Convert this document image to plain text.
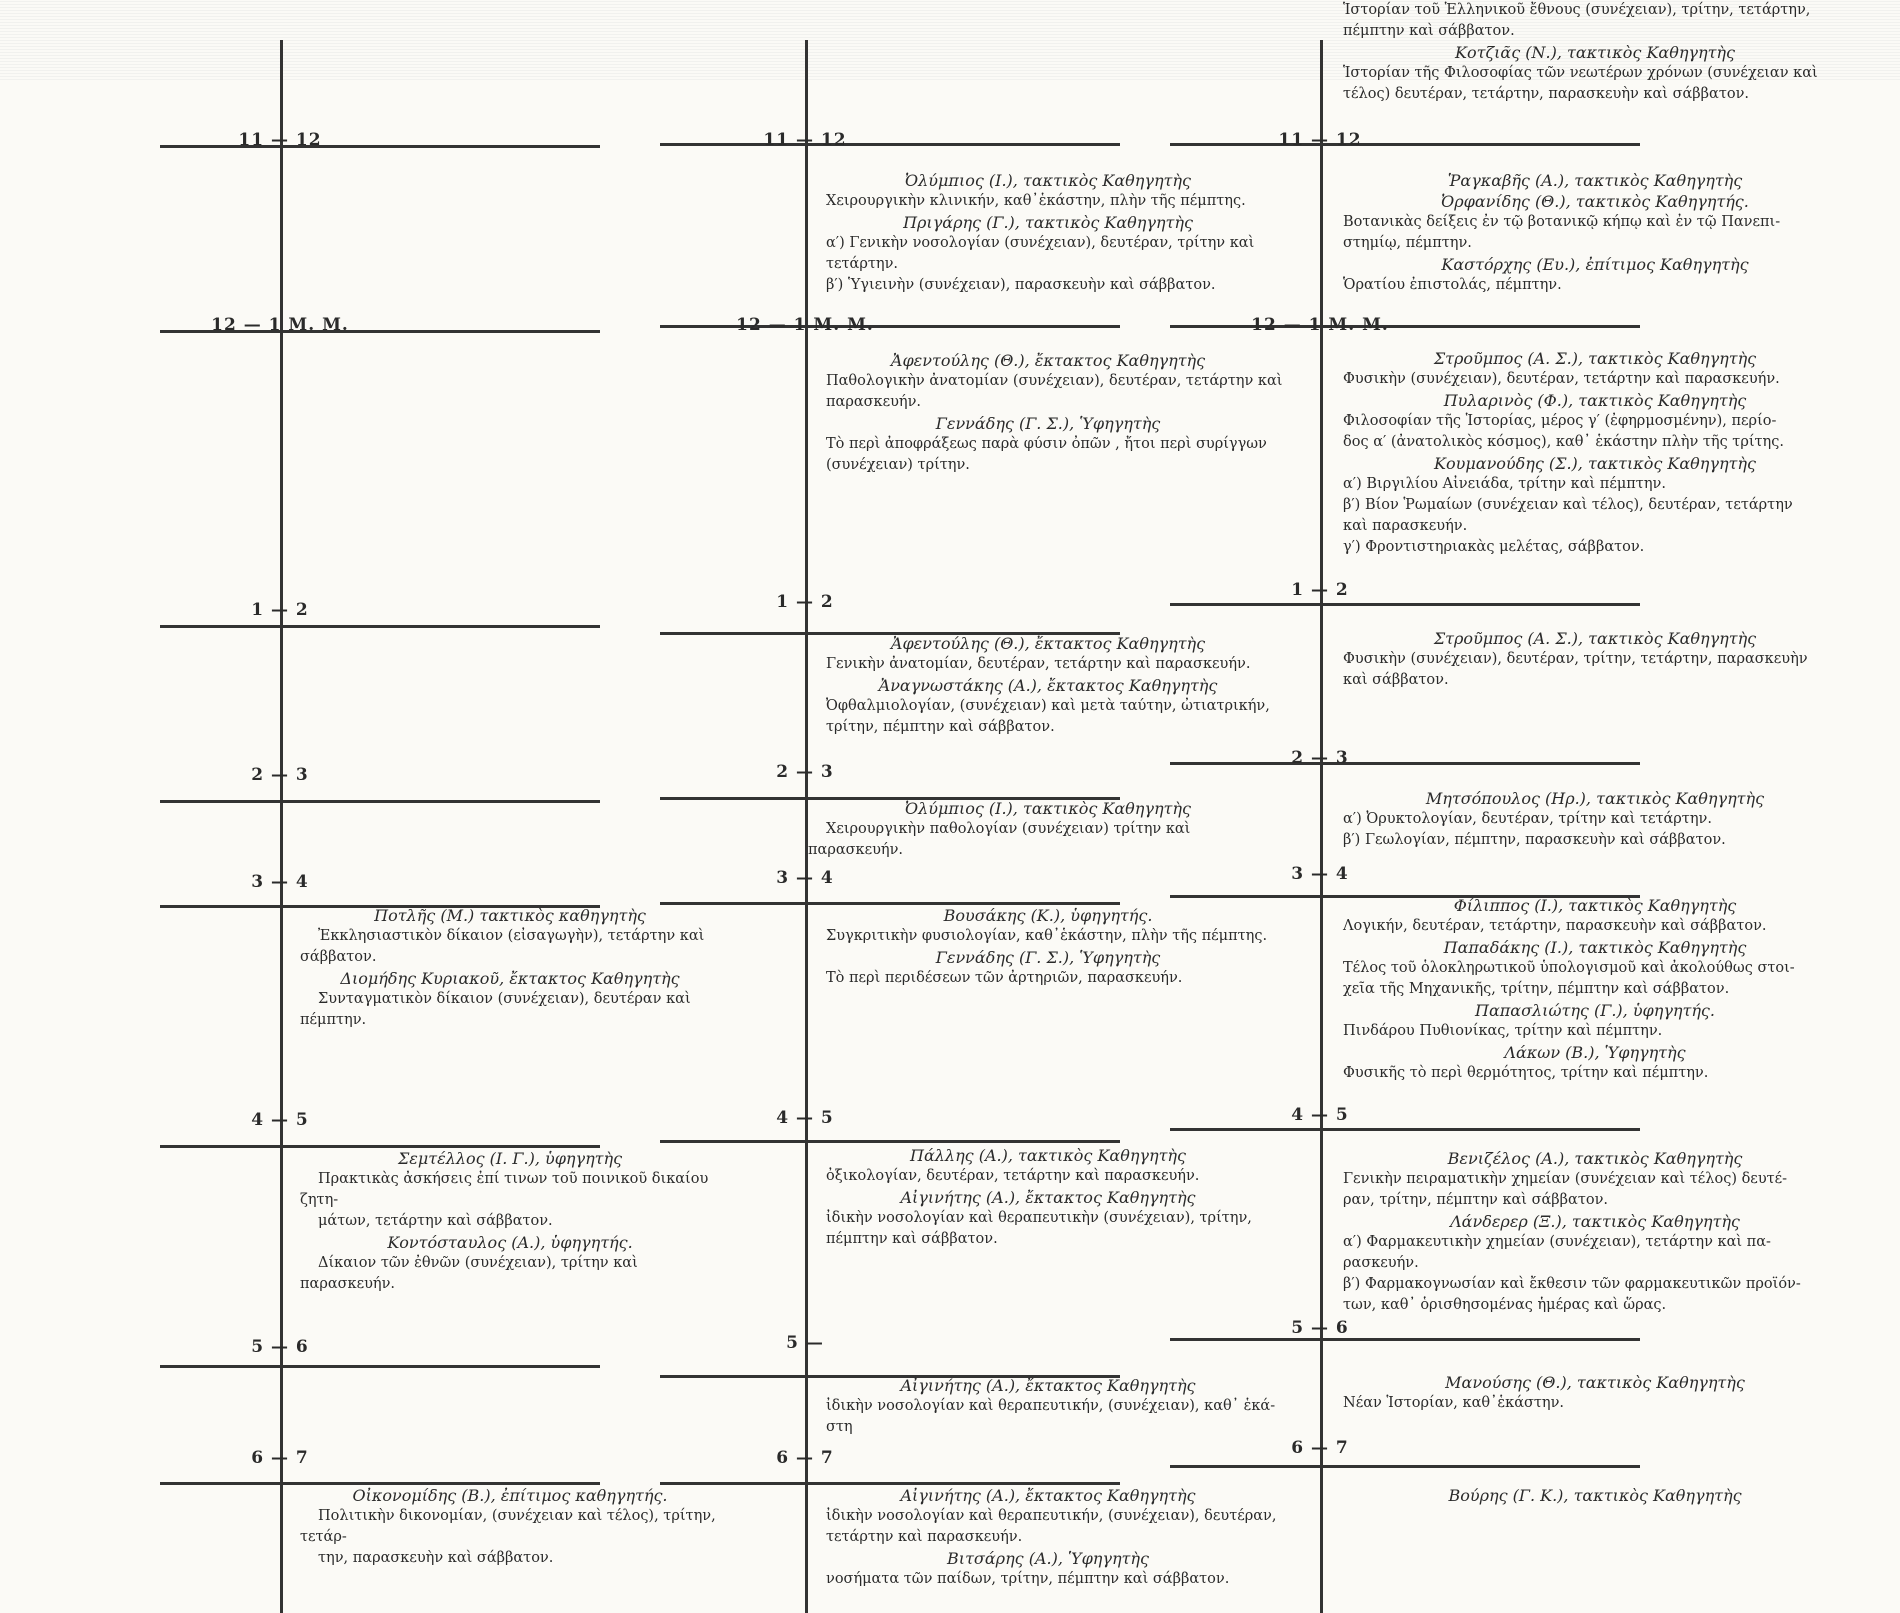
11 — 12
12 — 1 Μ. Μ.
1 — 2
2 — 3
3 — 4
Ποτλῆς (Μ.) τακτικὸς καθηγητὴς
Ἐκκλησιαστικὸν δίκαιον (εἰσαγωγὴν), τετάρτην καὶ σάββατον.
Διομήδης Κυριακοῦ, ἔκτακτος Καθηγητὴς
Συνταγματικὸν δίκαιον (συνέχειαν), δευτέραν καὶ πέμπτην.
4 — 5
Σεμτέλλος (Ι. Γ.), ὑφηγητὴς
Πρακτικὰς ἀσκήσεις ἐπί τινων τοῦ ποινικοῦ δικαίου ζητη-
μάτων, τετάρτην καὶ σάββατον.
Κοντόσταυλος (Α.), ὑφηγητής.
Δίκαιον τῶν ἐθνῶν (συνέχειαν), τρίτην καὶ παρασκευήν.
5 — 6
6 — 7
Οἰκονομίδης (Β.), ἐπίτιμος καθηγητής.
Πολιτικὴν δικονομίαν, (συνέχειαν καὶ τέλος), τρίτην, τετάρ-
την, παρασκευὴν καὶ σάββατον.
11 — 12
Ὀλύμπιος (Ι.), τακτικὸς Καθηγητὴς
Χειρουργικὴν κλινικήν, καθ᾽ἑκάστην, πλὴν τῆς πέμπτης.
Πριγάρης (Γ.), τακτικὸς Καθηγητὴς
α′) Γενικὴν νοσολογίαν (συνέχειαν), δευτέραν, τρίτην καὶ
τετάρτην.
β′) Ὑγιεινὴν (συνέχειαν), παρασκευὴν καὶ σάββατον.
12 — 1 Μ. Μ.
Ἀφεντούλης (Θ.), ἔκτακτος Καθηγητὴς
Παθολογικὴν ἀνατομίαν (συνέχειαν), δευτέραν, τετάρτην καὶ
παρασκευήν.
Γεννάδης (Γ. Σ.), Ὑφηγητὴς
Τὸ περὶ ἀποφράξεως παρὰ φύσιν ὀπῶν , ἤτοι περὶ συρίγγων
(συνέχειαν) τρίτην.
1 — 2
Ἀφεντούλης (Θ.), ἔκτακτος Καθηγητὴς
Γενικὴν ἀνατομίαν, δευτέραν, τετάρτην καὶ παρασκευήν.
Ἀναγνωστάκης (Α.), ἔκτακτος Καθηγητὴς
Ὀφθαλμιολογίαν, (συνέχειαν) καὶ μετὰ ταύτην, ὠτιατρικήν,
τρίτην, πέμπτην καὶ σάββατον.
2 — 3
Ὀλύμπιος (Ι.), τακτικὸς Καθηγητὴς
Χειρουργικὴν παθολογίαν (συνέχειαν) τρίτην καὶ παρασκευήν.
3 — 4
Βουσάκης (Κ.), ὑφηγητής.
Συγκριτικὴν φυσιολογίαν, καθ᾽ἑκάστην, πλὴν τῆς πέμπτης.
Γεννάδης (Γ. Σ.), Ὑφηγητὴς
Τὸ περὶ περιδέσεων τῶν ἀρτηριῶν, παρασκευήν.
4 — 5
Πάλλης (Α.), τακτικὸς Καθηγητὴς
ὀξικολογίαν, δευτέραν, τετάρτην καὶ παρασκευήν.
Αἰγινήτης (Α.), ἔκτακτος Καθηγητὴς
ἰδικὴν νοσολογίαν καὶ θεραπευτικὴν (συνέχειαν), τρίτην,
πέμπτην καὶ σάββατον.
5 —
Αἰγινήτης (Α.), ἔκτακτος Καθηγητὴς
ἰδικὴν νοσολογίαν καὶ θεραπευτικήν, (συνέχειαν), καθ᾽ ἑκά-
στη
6 — 7
Αἰγινήτης (Α.), ἔκτακτος Καθηγητὴς
ἰδικὴν νοσολογίαν καὶ θεραπευτικήν, (συνέχειαν), δευτέραν,
τετάρτην καὶ παρασκευήν.
Βιτσάρης (Α.), Ὑφηγητὴς
νοσήματα τῶν παίδων, τρίτην, πέμπτην καὶ σάββατον.
Ἱστορίαν τοῦ Ἑλληνικοῦ ἔθνους (συνέχειαν), τρίτην, τετάρτην,
πέμπτην καὶ σάββατον.
Κοτζιᾶς (Ν.), τακτικὸς Καθηγητὴς
Ἱστορίαν τῆς Φιλοσοφίας τῶν νεωτέρων χρόνων (συνέχειαν καὶ
τέλος) δευτέραν, τετάρτην, παρασκευὴν καὶ σάββατον.
11 — 12
Ῥαγκαβῆς (Α.), τακτικὸς Καθηγητὴς
Ὀρφανίδης (Θ.), τακτικὸς Καθηγητής.
Βοτανικὰς δείξεις ἐν τῷ βοτανικῷ κήπῳ καὶ ἐν τῷ Πανεπι-
στημίῳ, πέμπτην.
Καστόρχης (Ευ.), ἐπίτιμος Καθηγητὴς
Ὁρατίου ἐπιστολάς, πέμπτην.
12 — 1 Μ. Μ.
Στροῦμπος (Α. Σ.), τακτικὸς Καθηγητὴς
Φυσικὴν (συνέχειαν), δευτέραν, τετάρτην καὶ παρασκευήν.
Πυλαρινὸς (Φ.), τακτικὸς Καθηγητὴς
Φιλοσοφίαν τῆς Ἱστορίας, μέρος γ′ (ἐφηρμοσμένην), περίο-
δος α′ (ἀνατολικὸς κόσμος), καθ᾽ ἑκάστην πλὴν τῆς τρίτης.
Κουμανούδης (Σ.), τακτικὸς Καθηγητὴς
α′) Βιργιλίου Αἰνειάδα, τρίτην καὶ πέμπτην.
β′) Βίον Ῥωμαίων (συνέχειαν καὶ τέλος), δευτέραν, τετάρτην
καὶ παρασκευήν.
γ′) Φροντιστηριακὰς μελέτας, σάββατον.
1 — 2
Στροῦμπος (Α. Σ.), τακτικὸς Καθηγητὴς
Φυσικὴν (συνέχειαν), δευτέραν, τρίτην, τετάρτην, παρασκευὴν
καὶ σάββατον.
2 — 3
Μητσόπουλος (Ηρ.), τακτικὸς Καθηγητὴς
α′) Ὀρυκτολογίαν, δευτέραν, τρίτην καὶ τετάρτην.
β′) Γεωλογίαν, πέμπτην, παρασκευὴν καὶ σάββατον.
3 — 4
Φίλιππος (Ι.), τακτικὸς Καθηγητὴς
Λογικήν, δευτέραν, τετάρτην, παρασκευὴν καὶ σάββατον.
Παπαδάκης (Ι.), τακτικὸς Καθηγητὴς
Τέλος τοῦ ὁλοκληρωτικοῦ ὑπολογισμοῦ καὶ ἀκολούθως στοι-
χεῖα τῆς Μηχανικῆς, τρίτην, πέμπτην καὶ σάββατον.
Παπασλιώτης (Γ.), ὑφηγητής.
Πινδάρου Πυθιονίκας, τρίτην καὶ πέμπτην.
Λάκων (Β.), Ὑφηγητὴς
Φυσικῆς τὸ περὶ θερμότητος, τρίτην καὶ πέμπτην.
4 — 5
Βενιζέλος (Α.), τακτικὸς Καθηγητὴς
Γενικὴν πειραματικὴν χημείαν (συνέχειαν καὶ τέλος) δευτέ-
ραν, τρίτην, πέμπτην καὶ σάββατον.
Λάνδερερ (Ξ.), τακτικὸς Καθηγητὴς
α′) Φαρμακευτικὴν χημείαν (συνέχειαν), τετάρτην καὶ πα-
ρασκευήν.
β′) Φαρμακογνωσίαν καὶ ἔκθεσιν τῶν φαρμακευτικῶν προϊόν-
των, καθ᾽ ὁρισθησομένας ἡμέρας καὶ ὥρας.
5 — 6
Μανούσης (Θ.), τακτικὸς Καθηγητὴς
Νέαν Ἱστορίαν, καθ᾽ἑκάστην.
6 — 7
Βούρης (Γ. Κ.), τακτικὸς Καθηγητὴς
